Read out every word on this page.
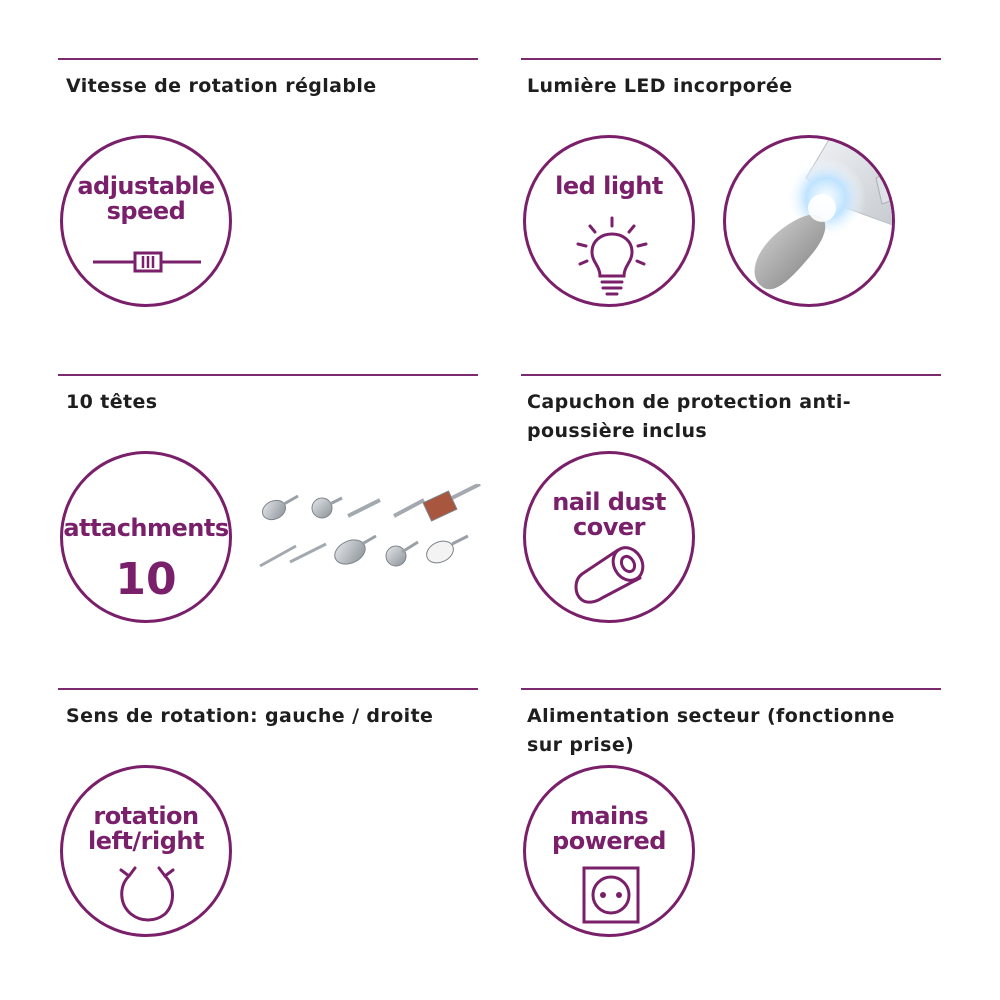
Vitesse de rotation réglable
adjustable
speed
Lumière LED incorporée
led light
10 têtes
attachments
10
Capuchon de protection anti-poussière inclus
nail dust
cover
Sens de rotation: gauche / droite
rotation
left/right
Alimentation secteur (fonctionne sur prise)
mains
powered
